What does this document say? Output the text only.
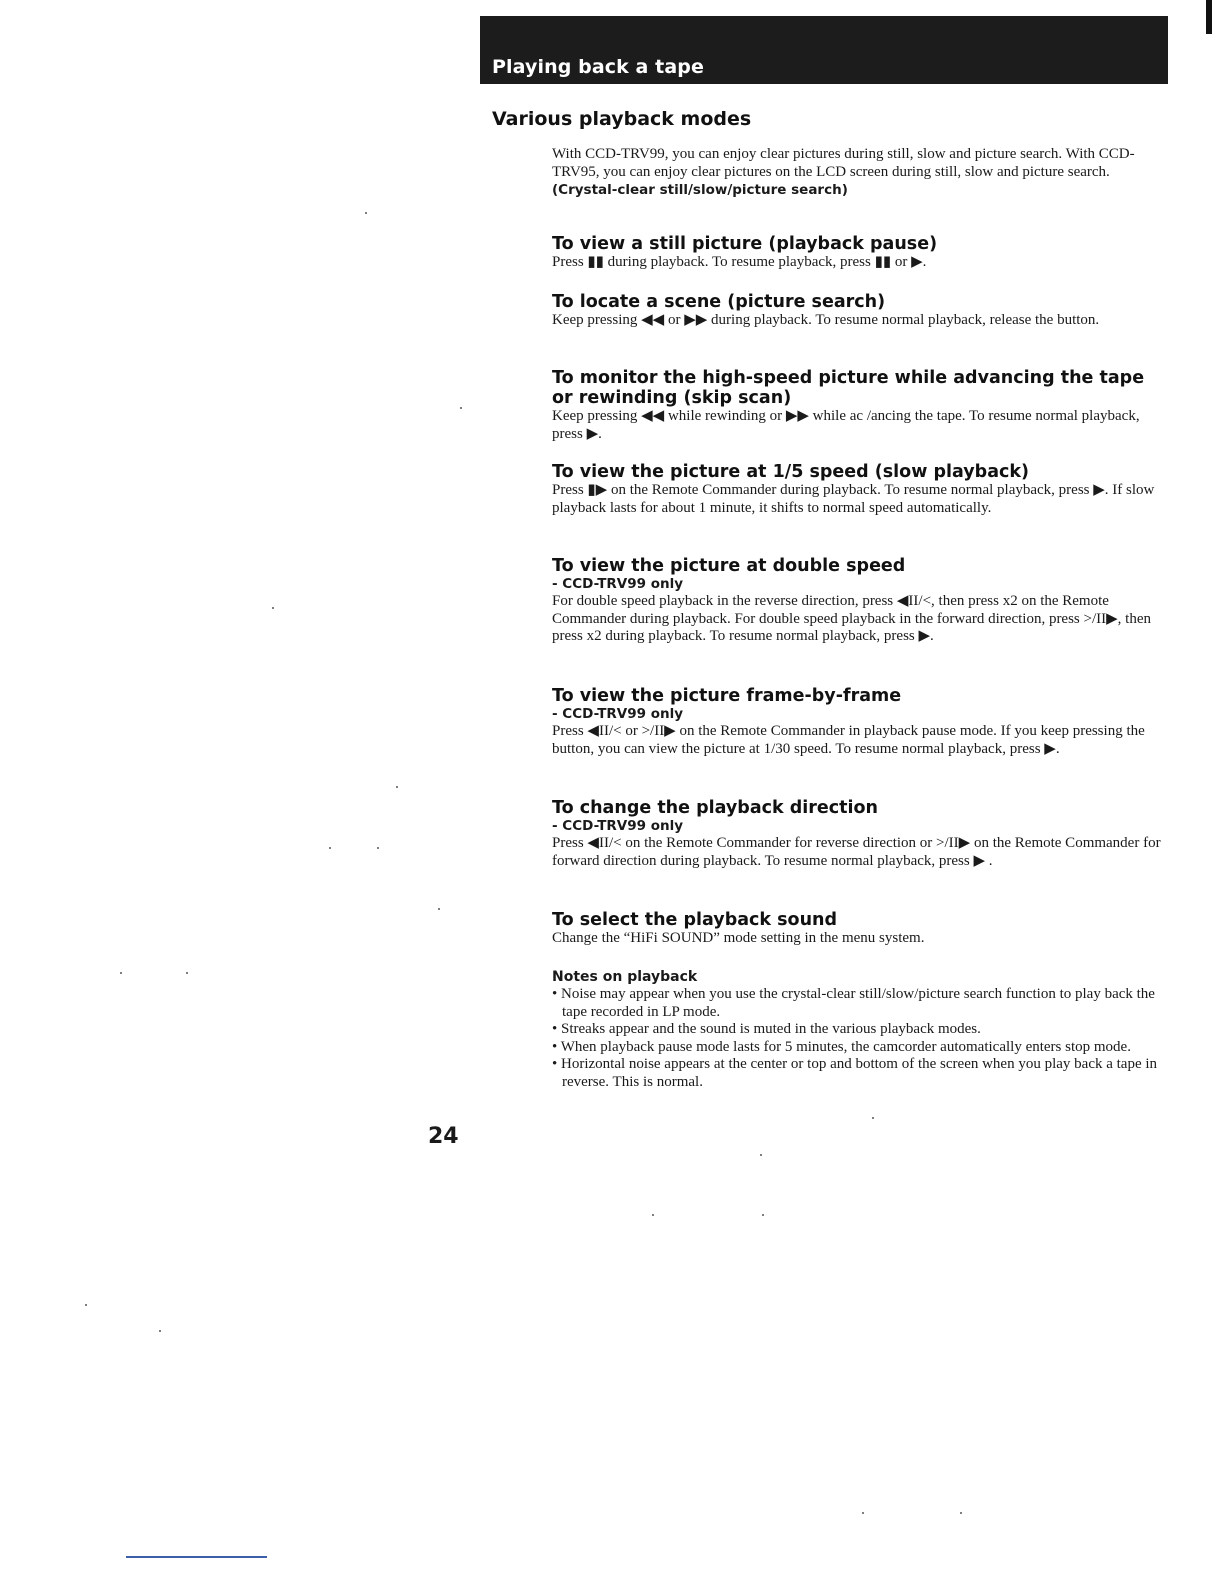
Playing back a tape
Various playback modes

With CCD-TRV99, you can enjoy clear pictures during still, slow and picture search. With CCD-TRV95, you can enjoy clear pictures on the LCD screen during still, slow and picture search.

(Crystal-clear still/slow/picture search)

To view a still picture (playback pause)

Press ▮▮ during playback. To resume playback, press ▮▮ or ▶.

To locate a scene (picture search)

Keep pressing ◀◀ or ▶▶ during playback. To resume normal playback, release the button.

To monitor the high-speed picture while advancing the tape or rewinding (skip scan)

Keep pressing ◀◀ while rewinding or ▶▶ while ac /ancing the tape. To resume normal playback, press ▶.

To view the picture at 1/5 speed (slow playback)

Press ▮▶ on the Remote Commander during playback. To resume normal playback, press ▶. If slow playback lasts for about 1 minute, it shifts to normal speed automatically.

To view the picture at double speed

- CCD-TRV99 only

For double speed playback in the reverse direction, press ◀II/<, then press x2 on the Remote Commander during playback. For double speed playback in the forward direction, press >/II▶, then press x2 during playback. To resume normal playback, press ▶.

To view the picture frame-by-frame

- CCD-TRV99 only

Press ◀II/< or >/II▶ on the Remote Commander in playback pause mode. If you keep pressing the button, you can view the picture at 1/30 speed. To resume normal playback, press ▶.

To change the playback direction

- CCD-TRV99 only

Press ◀II/< on the Remote Commander for reverse direction or >/II▶ on the Remote Commander for forward direction during playback. To resume normal playback, press ▶ .

To select the playback sound

Change the “HiFi SOUND” mode setting in the menu system.

Notes on playback

• Noise may appear when you use the crystal-clear still/slow/picture search function to play back the tape recorded in LP mode.
• Streaks appear and the sound is muted in the various playback modes.
• When playback pause mode lasts for 5 minutes, the camcorder automatically enters stop mode.
• Horizontal noise appears at the center or top and bottom of the screen when you play back a tape in reverse. This is normal.
24
